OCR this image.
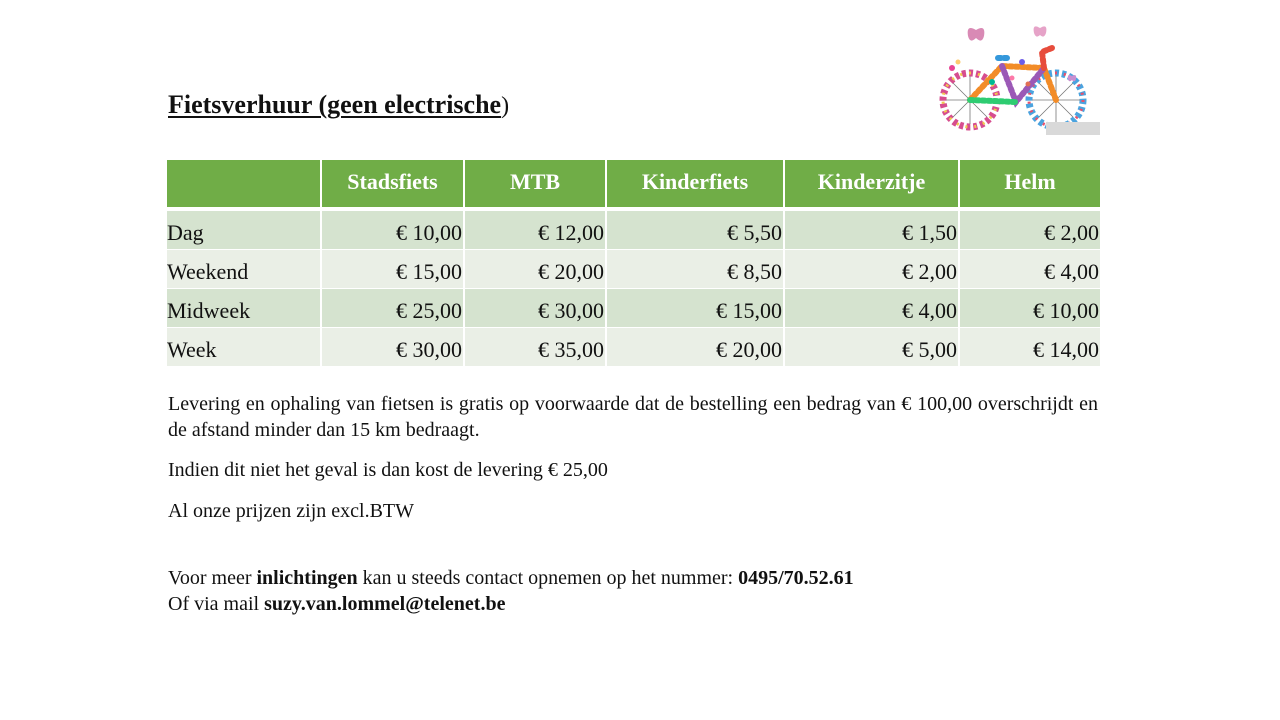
Fietsverhuur (geen electrische)
	Stadsfiets	MTB	Kinderfiets	Kinderzitje	Helm
Dag	€ 10,00	€ 12,00	€ 5,50	€ 1,50	€ 2,00
Weekend	€ 15,00	€ 20,00	€ 8,50	€ 2,00	€ 4,00
Midweek	€ 25,00	€ 30,00	€ 15,00	€ 4,00	€ 10,00
Week	€ 30,00	€ 35,00	€ 20,00	€ 5,00	€ 14,00

Levering en ophaling van fietsen is gratis op voorwaarde dat de bestelling een bedrag van € 100,00 overschrijdt en de afstand minder dan 15 km bedraagt.

Indien dit niet het geval is dan kost de levering € 25,00

Al onze prijzen zijn excl.BTW

Voor meer inlichtingen kan u steeds contact opnemen op het nummer: 0495/70.52.61
Of via mail suzy.van.lommel@telenet.be
